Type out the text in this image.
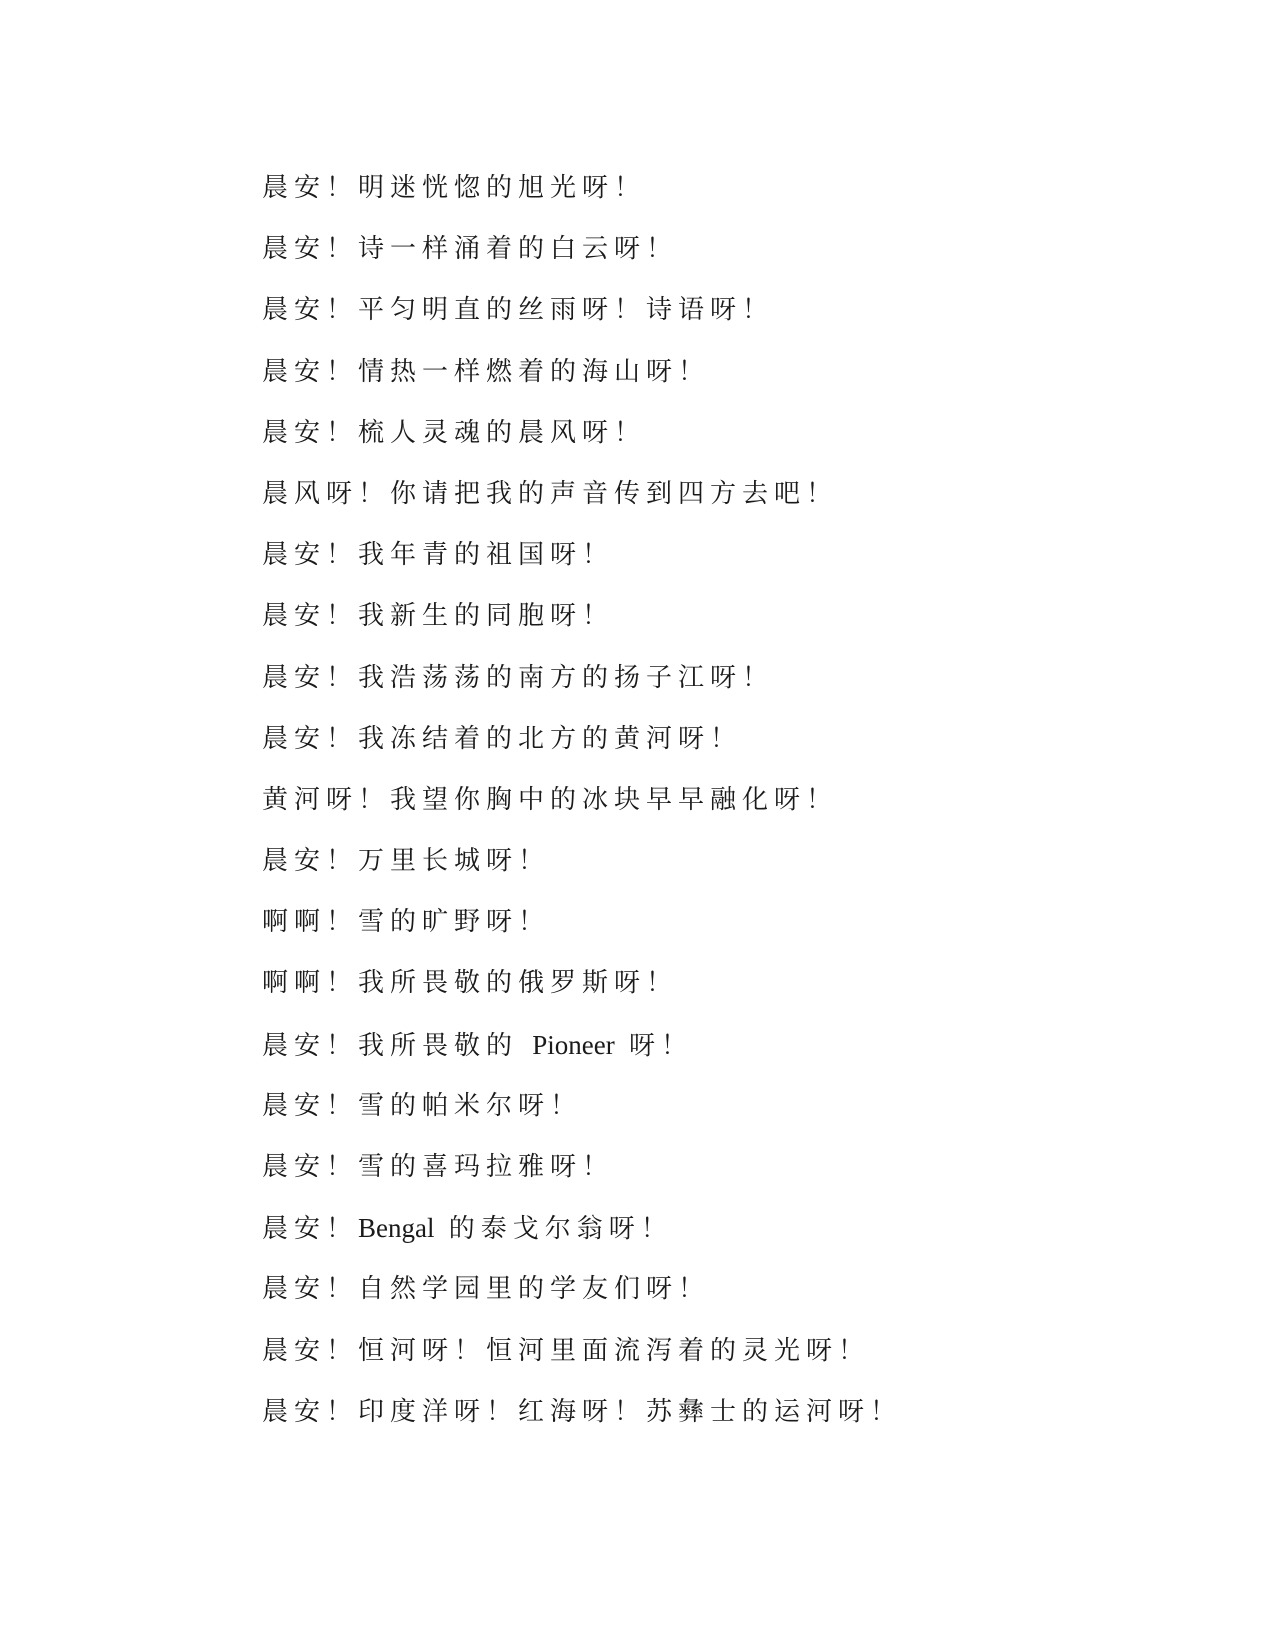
晨安！明迷恍惚的旭光呀！
晨安！诗一样涌着的白云呀！
晨安！平匀明直的丝雨呀！诗语呀！
晨安！情热一样燃着的海山呀！
晨安！梳人灵魂的晨风呀！
晨风呀！你请把我的声音传到四方去吧！
晨安！我年青的祖国呀！
晨安！我新生的同胞呀！
晨安！我浩荡荡的南方的扬子江呀！
晨安！我冻结着的北方的黄河呀！
黄河呀！我望你胸中的冰块早早融化呀！
晨安！万里长城呀！
啊啊！雪的旷野呀！
啊啊！我所畏敬的俄罗斯呀！
晨安！我所畏敬的 Pioneer 呀！
晨安！雪的帕米尔呀！
晨安！雪的喜玛拉雅呀！
晨安！Bengal 的泰戈尔翁呀！
晨安！自然学园里的学友们呀！
晨安！恒河呀！恒河里面流泻着的灵光呀！
晨安！印度洋呀！红海呀！苏彝士的运河呀！
